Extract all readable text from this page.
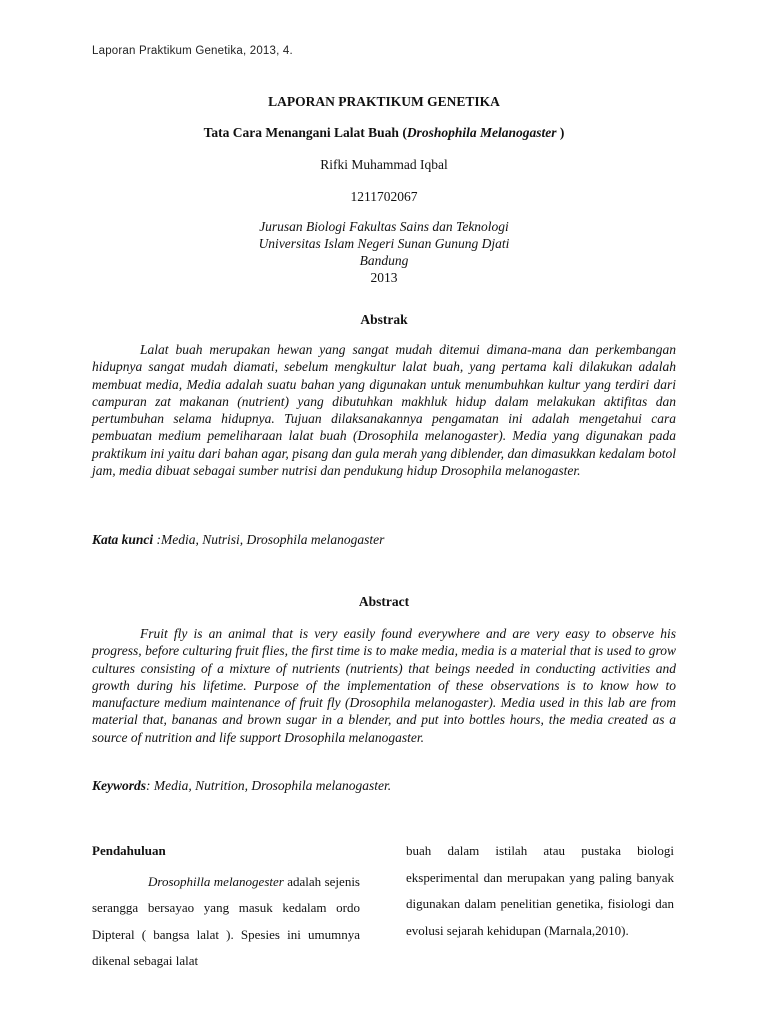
Laporan Praktikum Genetika, 2013, 4.
LAPORAN PRAKTIKUM GENETIKA
Tata Cara Menangani Lalat Buah (Droshophila Melanogaster )
Rifki Muhammad Iqbal
1211702067
Jurusan Biologi Fakultas Sains dan Teknologi
Universitas Islam Negeri Sunan Gunung Djati
Bandung
2013
Abstrak

Lalat buah merupakan hewan yang sangat mudah ditemui dimana-mana dan perkembangan hidupnya sangat mudah diamati, sebelum mengkultur lalat buah, yang pertama kali dilakukan adalah membuat media, Media adalah suatu bahan yang digunakan untuk menumbuhkan kultur yang terdiri dari campuran zat makanan (nutrient) yang dibutuhkan makhluk hidup dalam melakukan aktifitas dan pertumbuhan selama hidupnya. Tujuan dilaksanakannya pengamatan ini adalah mengetahui cara pembuatan medium pemeliharaan lalat buah (Drosophila melanogaster). Media yang digunakan pada praktikum ini yaitu dari bahan agar, pisang dan gula merah yang diblender, dan dimasukkan kedalam botol jam, media dibuat sebagai sumber nutrisi dan pendukung hidup Drosophila melanogaster.

Kata kunci :Media, Nutrisi, Drosophila melanogaster
Abstract

Fruit fly is an animal that is very easily found everywhere and are very easy to observe his progress, before culturing fruit flies, the first time is to make media, media is a material that is used to grow cultures consisting of a mixture of nutrients (nutrients) that beings needed in conducting activities and growth during his lifetime. Purpose of the implementation of these observations is to know how to manufacture medium maintenance of fruit fly (Drosophila melanogaster). Media used in this lab are from material that, bananas and brown sugar in a blender, and put into bottles hours, the media created as a source of nutrition and life support Drosophila melanogaster.

Keywords: Media, Nutrition, Drosophila melanogaster.

Pendahuluan

Drosophilla melanogester adalah sejenis serangga bersayao yang masuk kedalam ordo Dipteral ( bangsa lalat ). Spesies ini umumnya dikenal sebagai lalat

buah dalam istilah atau pustaka biologi eksperimental dan merupakan yang paling banyak digunakan dalam penelitian genetika, fisiologi dan evolusi sejarah kehidupan (Marnala,2010).
